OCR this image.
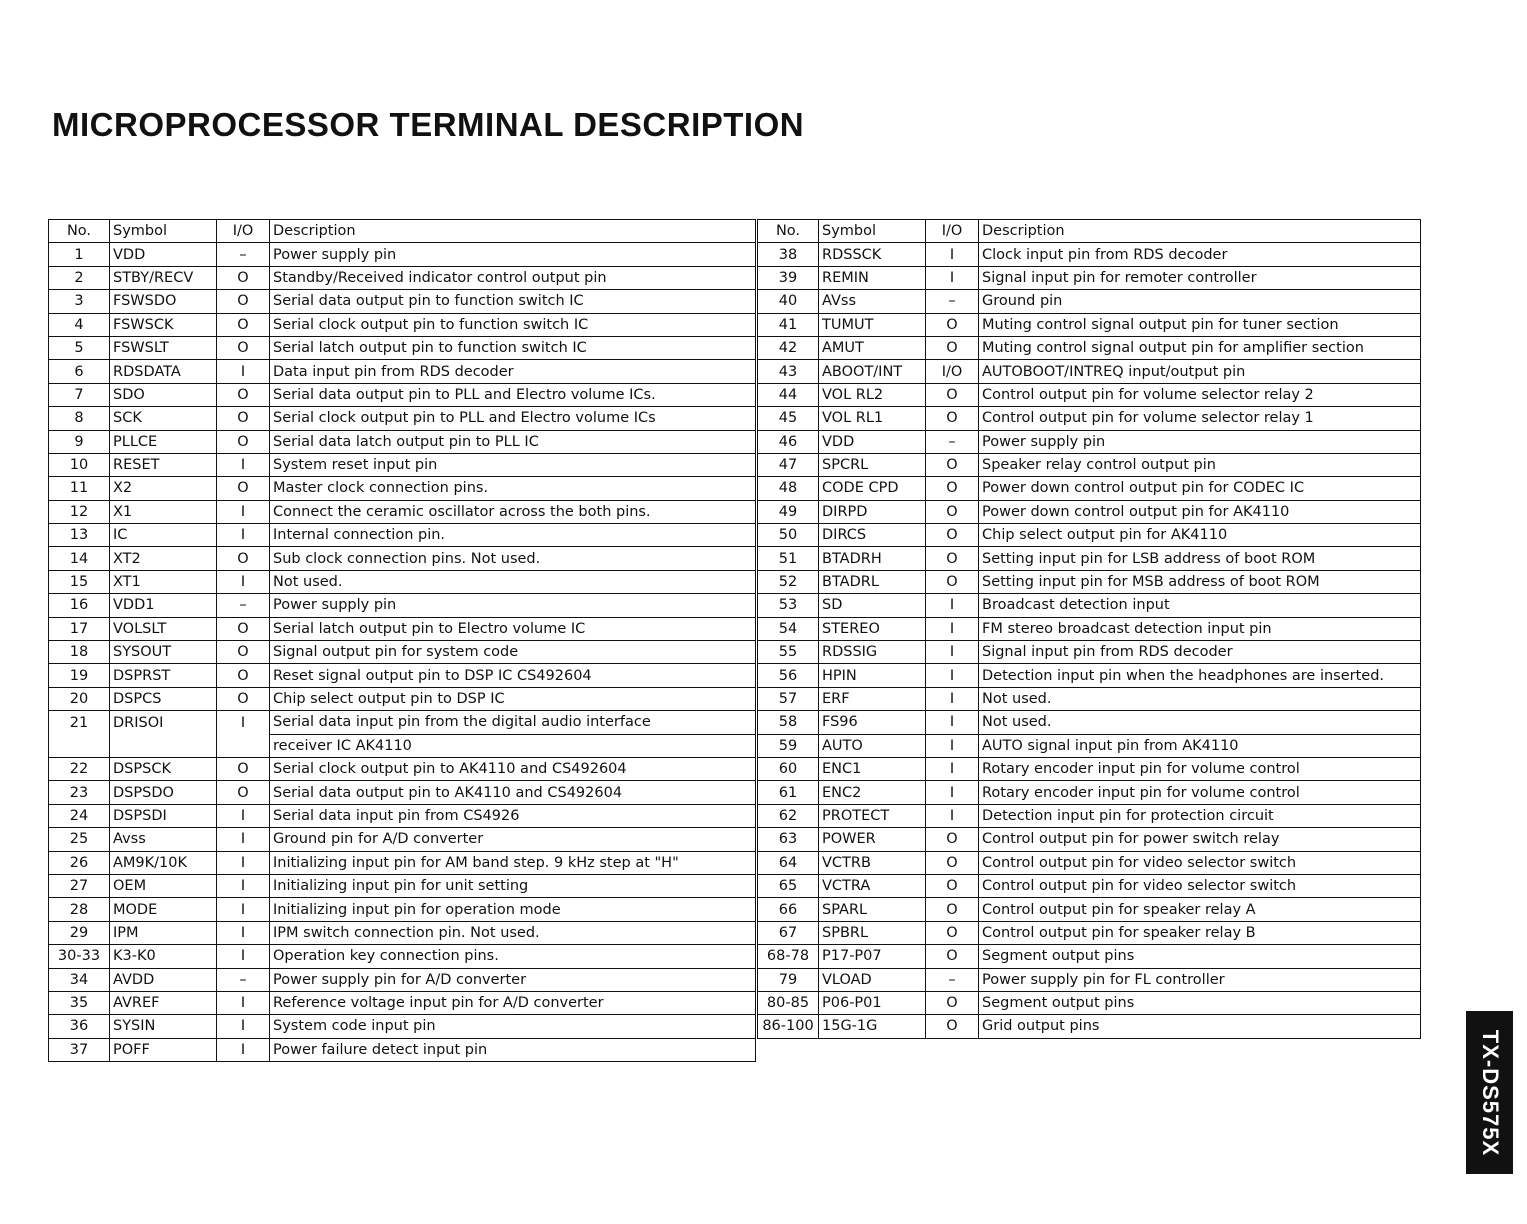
MICROPROCESSOR TERMINAL DESCRIPTION
No.	Symbol	I/O	Description
1	VDD	–	Power supply pin
2	STBY/RECV	O	Standby/Received indicator control output pin
3	FSWSDO	O	Serial data output pin to function switch IC
4	FSWSCK	O	Serial clock output pin to function switch IC
5	FSWSLT	O	Serial latch output pin to function switch IC
6	RDSDATA	I	Data input pin from RDS decoder
7	SDO	O	Serial data output pin to PLL and Electro volume ICs.
8	SCK	O	Serial clock output pin to PLL and Electro volume ICs
9	PLLCE	O	Serial data latch output pin to PLL IC
10	RESET	I	System reset input pin
11	X2	O	Master clock connection pins.
12	X1	I	Connect the ceramic oscillator across the both pins.
13	IC	I	Internal connection pin.
14	XT2	O	Sub clock connection pins. Not used.
15	XT1	I	Not used.
16	VDD1	–	Power supply pin
17	VOLSLT	O	Serial latch output pin to Electro volume IC
18	SYSOUT	O	Signal output pin for system code
19	DSPRST	O	Reset signal output pin to DSP IC CS492604
20	DSPCS	O	Chip select output pin to DSP IC
21	DRISOI	I	Serial data input pin from the digital audio interface
			receiver IC AK4110
22	DSPSCK	O	Serial clock output pin to AK4110 and CS492604
23	DSPSDO	O	Serial data output pin to AK4110 and CS492604
24	DSPSDI	I	Serial data input pin from CS4926
25	Avss	I	Ground pin for A/D converter
26	AM9K/10K	I	Initializing input pin for AM band step. 9 kHz step at "H"
27	OEM	I	Initializing input pin for unit setting
28	MODE	I	Initializing input pin for operation mode
29	IPM	I	IPM switch connection pin. Not used.
30-33	K3-K0	I	Operation key connection pins.
34	AVDD	–	Power supply pin for A/D converter
35	AVREF	I	Reference voltage input pin for A/D converter
36	SYSIN	I	System code input pin
37	POFF	I	Power failure detect input pin
No.	Symbol	I/O	Description
38	RDSSCK	I	Clock input pin from RDS decoder
39	REMIN	I	Signal input pin for remoter controller
40	AVss	–	Ground pin
41	TUMUT	O	Muting control signal output pin for tuner section
42	AMUT	O	Muting control signal output pin for amplifier section
43	ABOOT/INT	I/O	AUTOBOOT/INTREQ input/output pin
44	VOL RL2	O	Control output pin for volume selector relay 2
45	VOL RL1	O	Control output pin for volume selector relay 1
46	VDD	–	Power supply pin
47	SPCRL	O	Speaker relay control output pin
48	CODE CPD	O	Power down control output pin for CODEC IC
49	DIRPD	O	Power down control output pin for AK4110
50	DIRCS	O	Chip select output pin for AK4110
51	BTADRH	O	Setting input pin for LSB address of boot ROM
52	BTADRL	O	Setting input pin for MSB address of boot ROM
53	SD	I	Broadcast detection input
54	STEREO	I	FM stereo broadcast detection input pin
55	RDSSIG	I	Signal input pin from RDS decoder
56	HPIN	I	Detection input pin when the headphones are inserted.
57	ERF	I	Not used.
58	FS96	I	Not used.
59	AUTO	I	AUTO signal input pin from AK4110
60	ENC1	I	Rotary encoder input pin for volume control
61	ENC2	I	Rotary encoder input pin for volume control
62	PROTECT	I	Detection input pin for protection circuit
63	POWER	O	Control output pin for power switch relay
64	VCTRB	O	Control output pin for video selector switch
65	VCTRA	O	Control output pin for video selector switch
66	SPARL	O	Control output pin for speaker relay A
67	SPBRL	O	Control output pin for speaker relay B
68-78	P17-P07	O	Segment output pins
79	VLOAD	–	Power supply pin for FL controller
80-85	P06-P01	O	Segment output pins
86-100	15G-1G	O	Grid output pins
TX-DS575X
